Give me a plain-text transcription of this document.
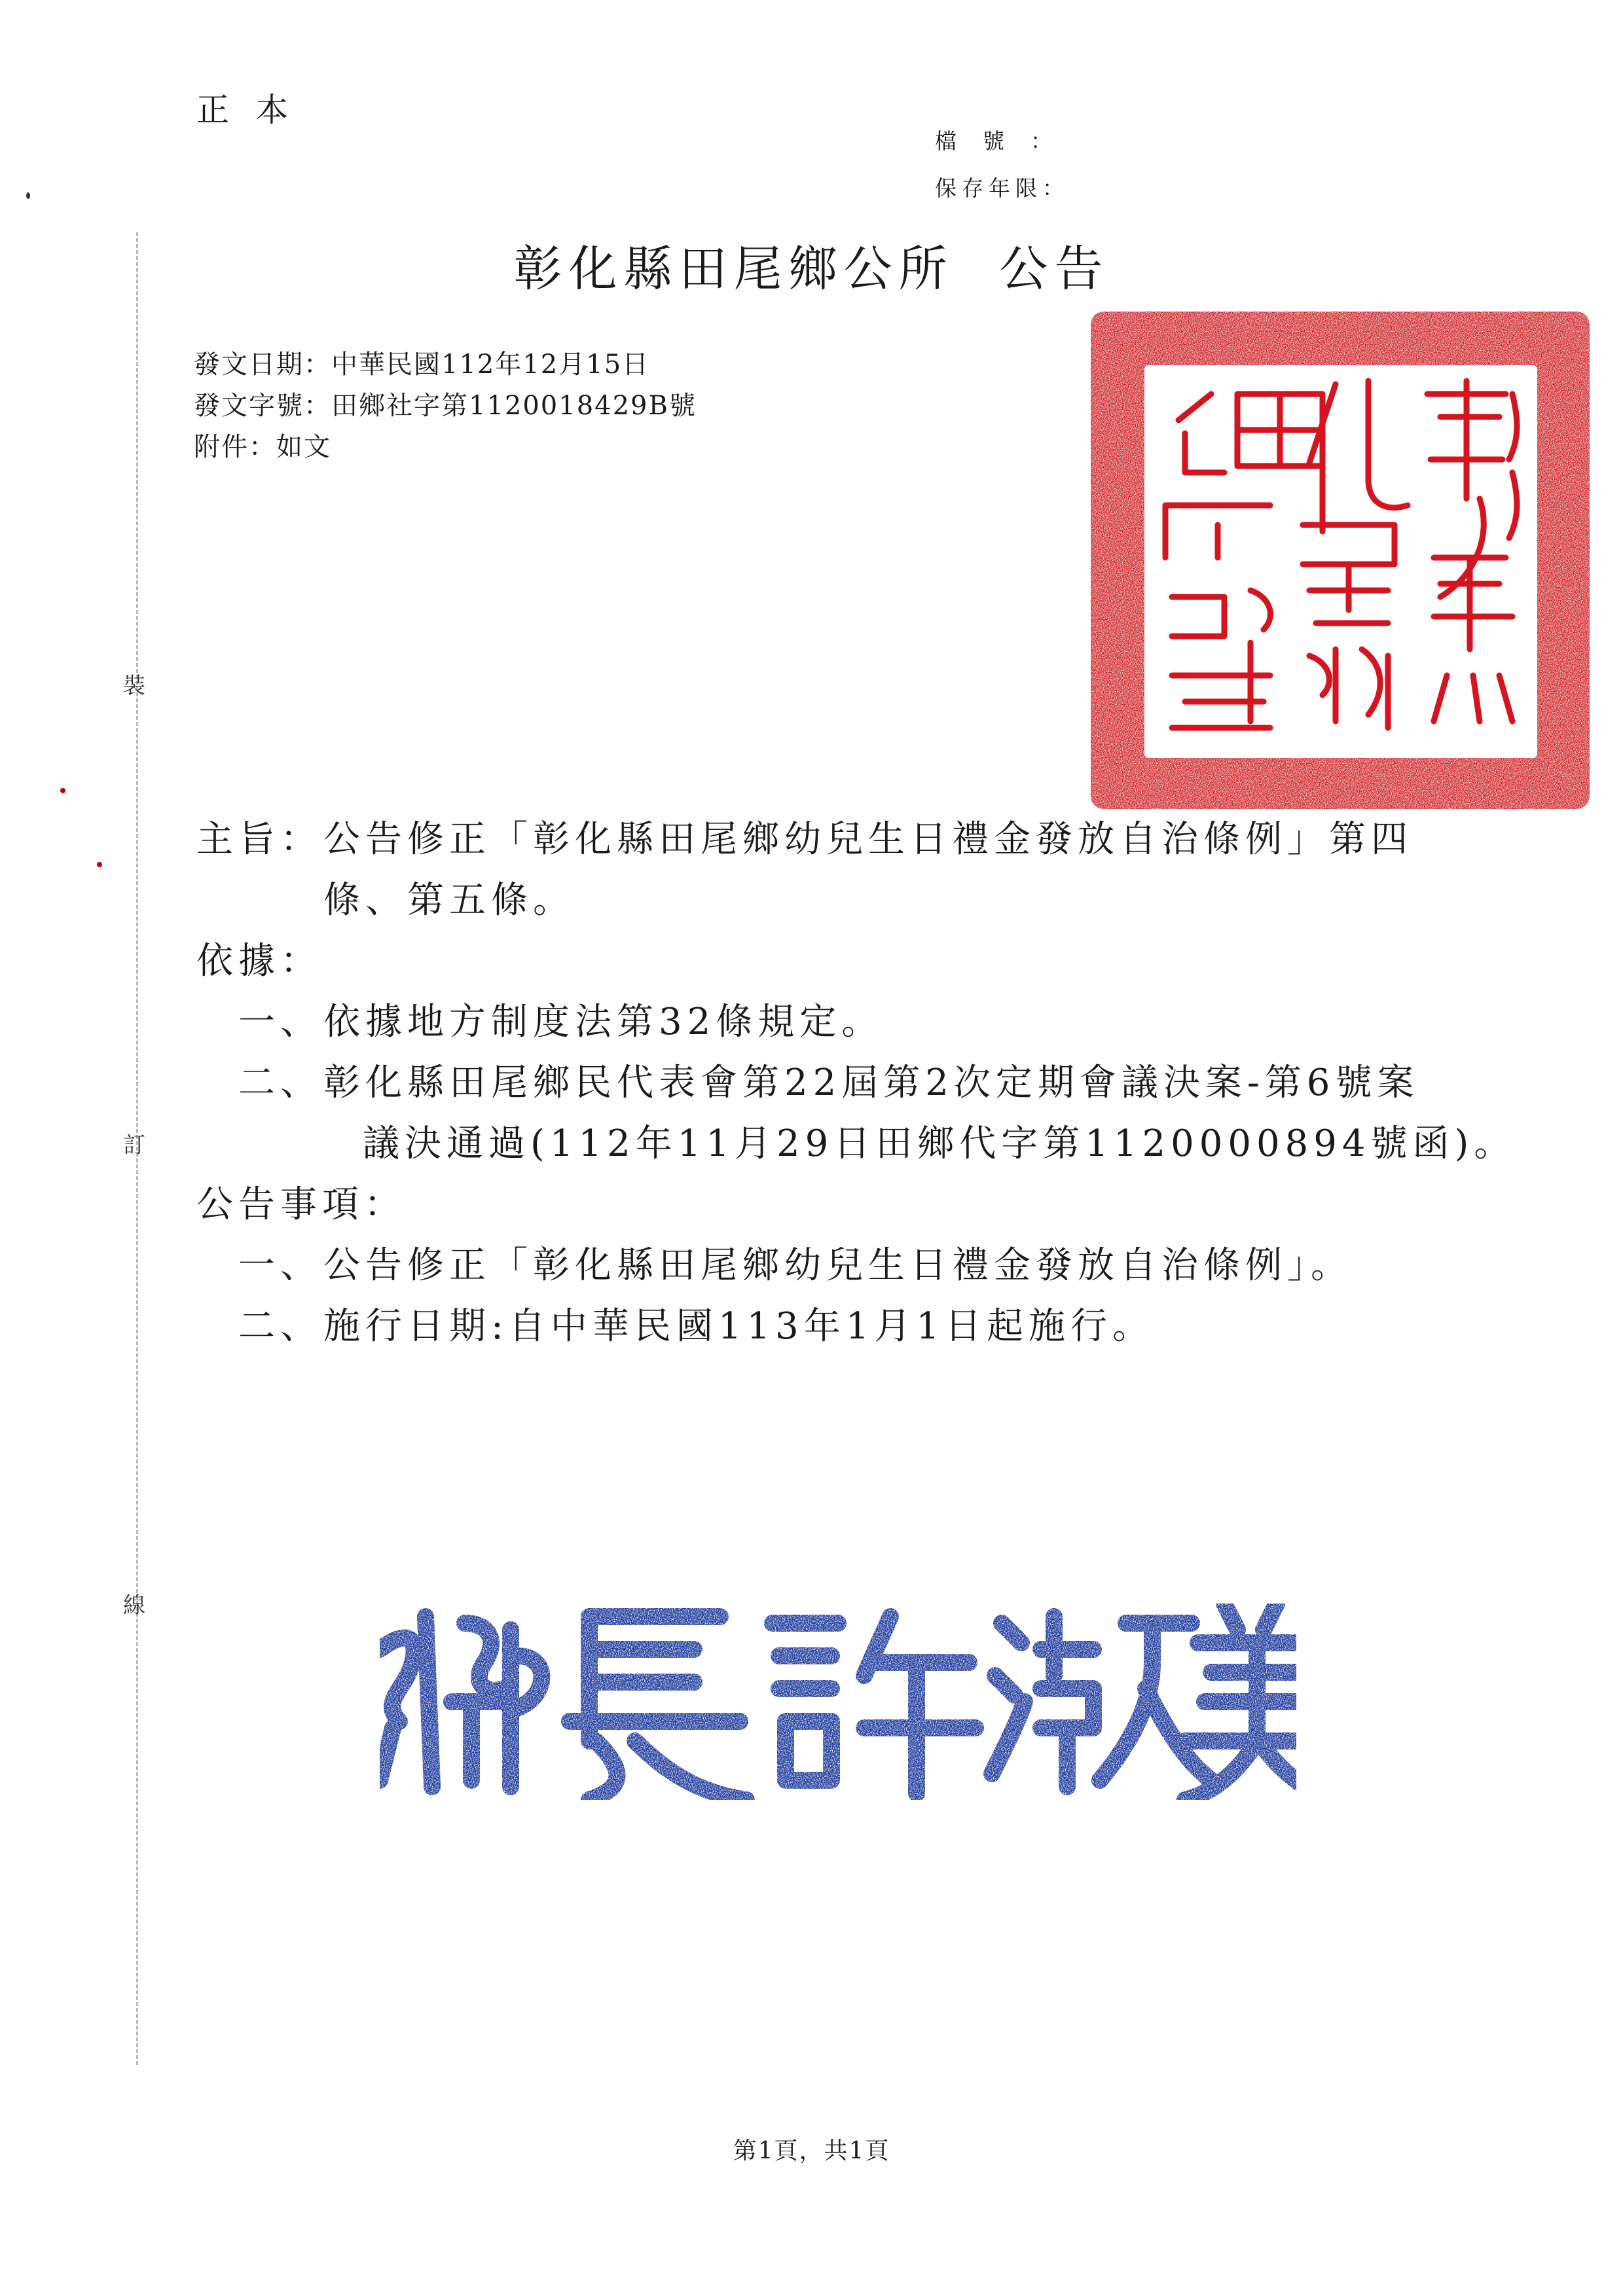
正本
檔號：
保存年限：
裝
訂
線
彰化縣田尾鄉公所 公告
發文日期：中華民國112年12月15日
發文字號：田鄉社字第1120018429B號
附件：如文
主旨： 公告修正「彰化縣田尾鄉幼兒生日禮金發放自治條例」第四
條、第五條。
依據：
一、 依據地方制度法第32條規定。
二、 彰化縣田尾鄉民代表會第22屆第2次定期會議決案-第6號案
議決通過(112年11月29日田鄉代字第1120000894號函)。
公告事項：
一、 公告修正「彰化縣田尾鄉幼兒生日禮金發放自治條例」。
二、 施行日期:自中華民國113年1月1日起施行。
第1頁，共1頁
